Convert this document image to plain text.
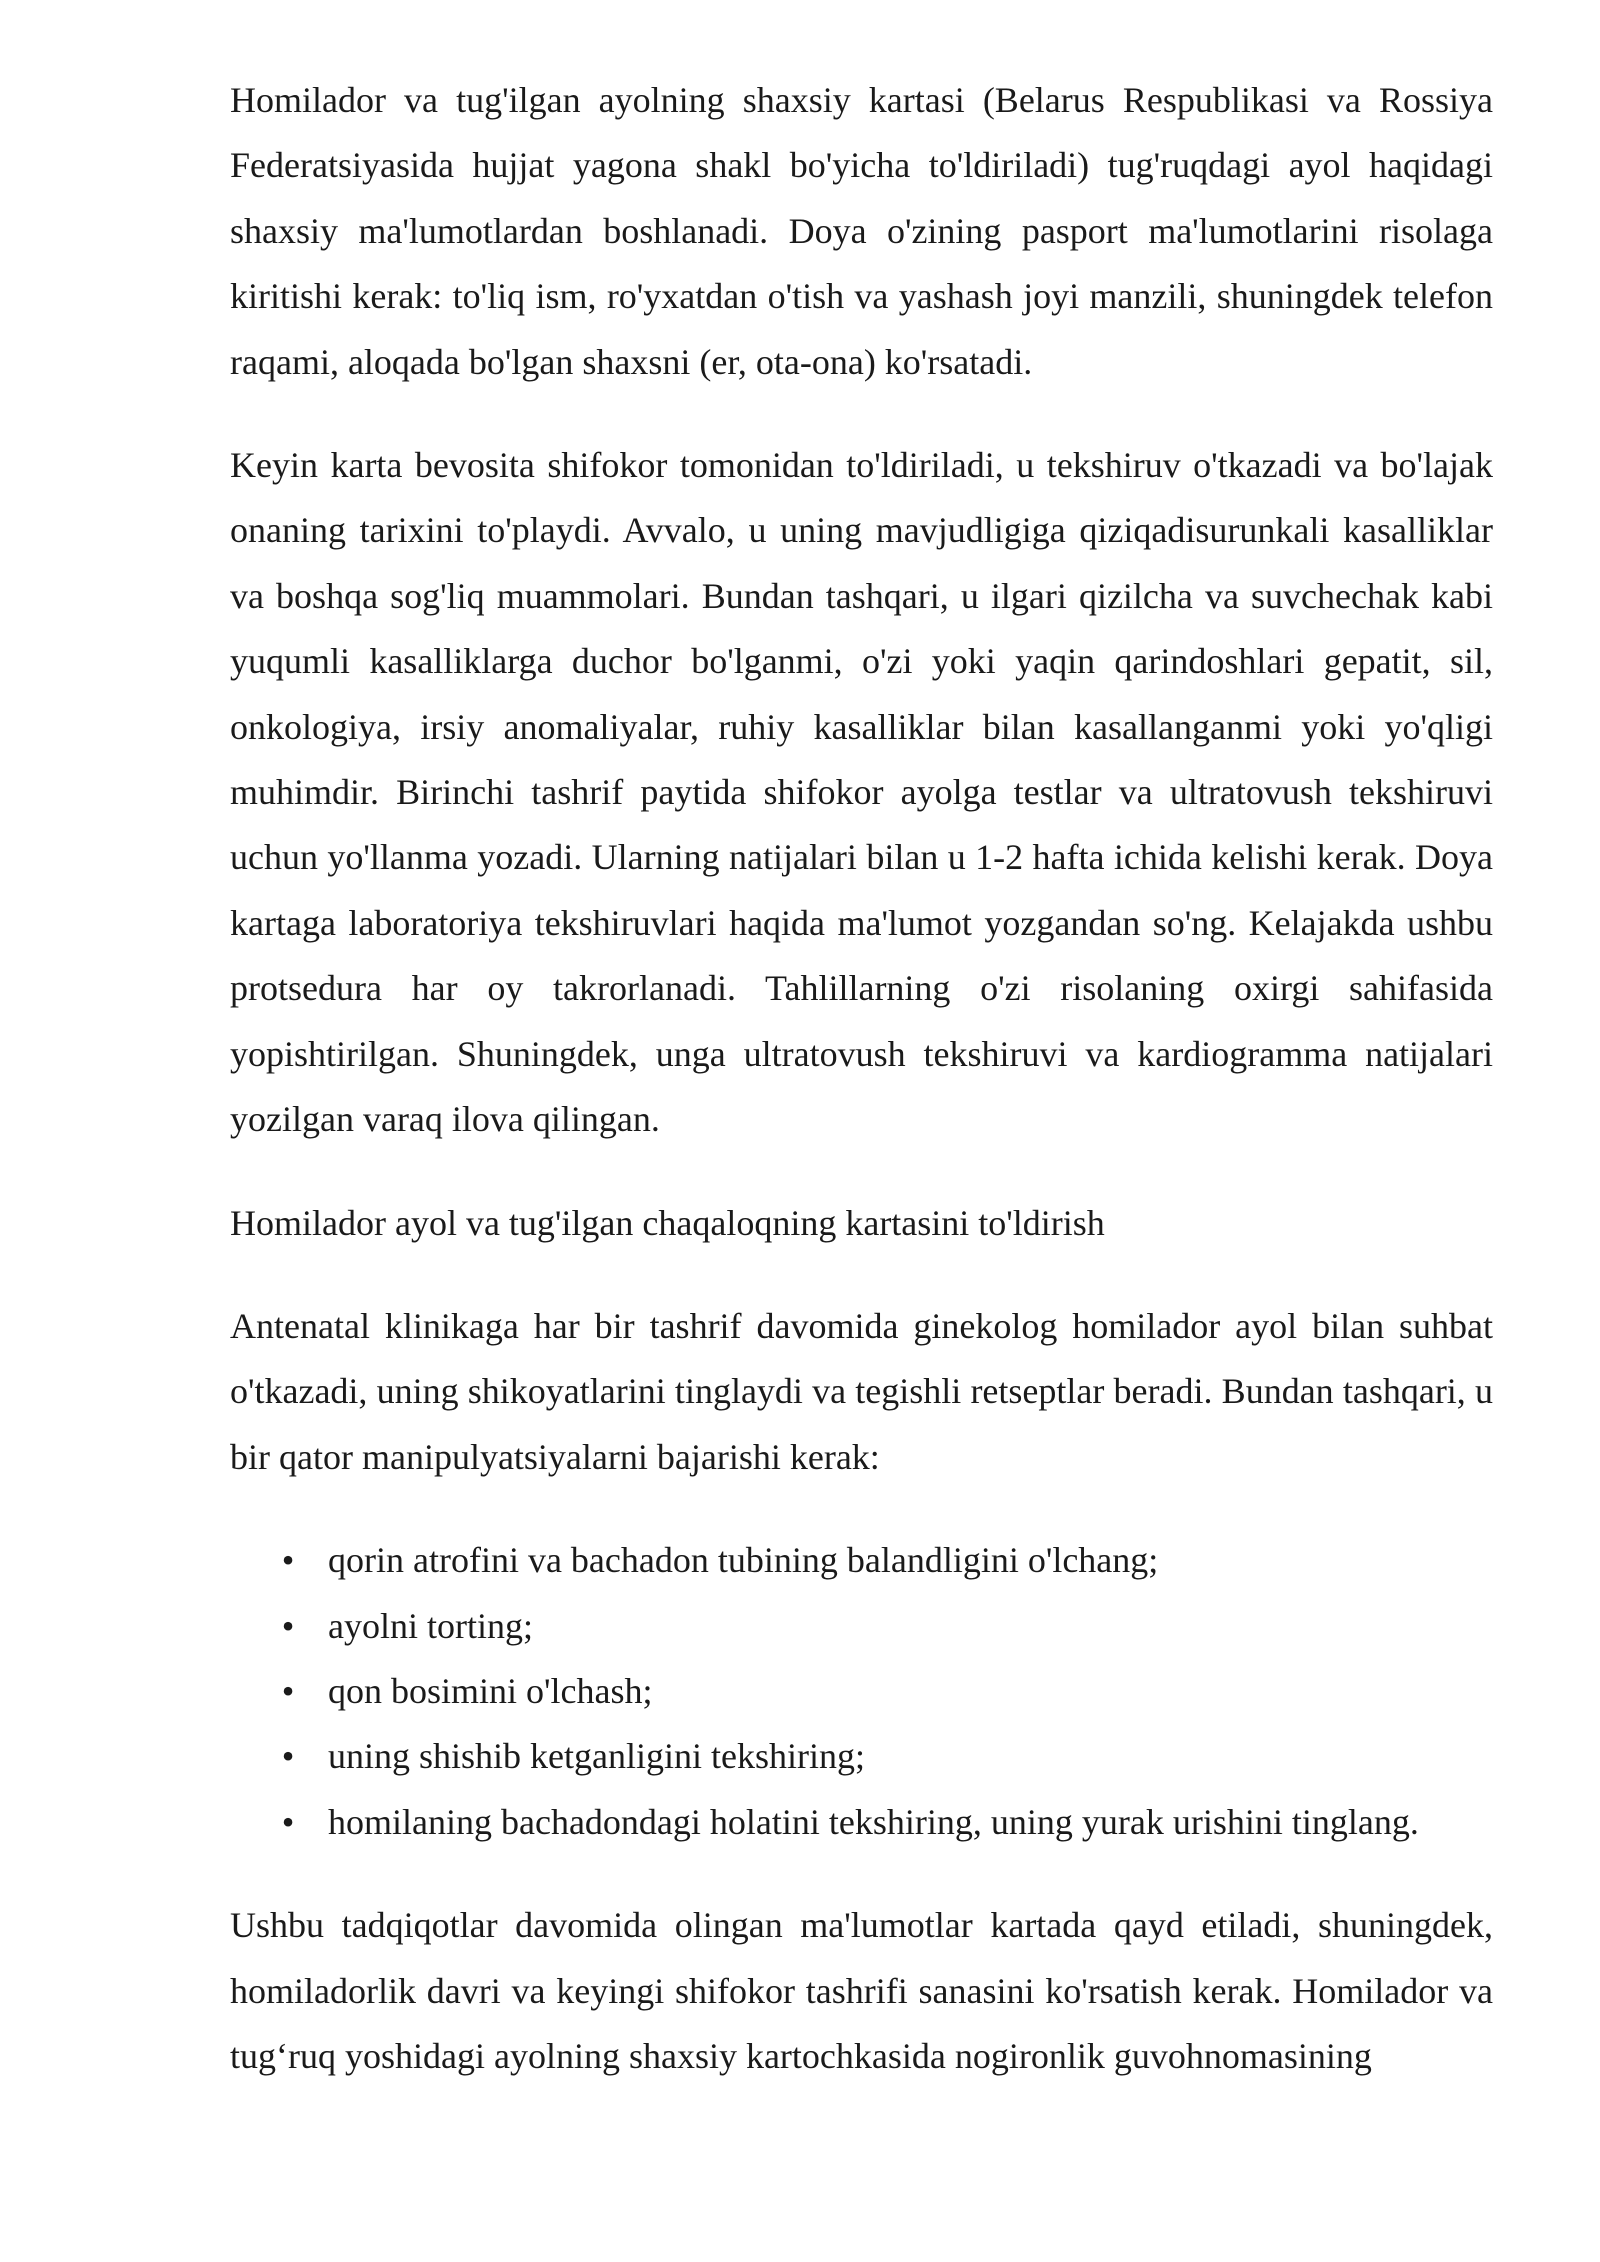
Homilador va tug'ilgan ayolning shaxsiy kartasi (Belarus Respublikasi va Rossiya Federatsiyasida hujjat yagona shakl bo'yicha to'ldiriladi) tug'ruqdagi ayol haqidagi shaxsiy ma'lumotlardan boshlanadi. Doya o'zining pasport ma'lumotlarini risolaga kiritishi kerak: to'liq ism, ro'yxatdan o'tish va yashash joyi manzili, shuningdek telefon raqami, aloqada bo'lgan shaxsni (er, ota-ona) ko'rsatadi.

Keyin karta bevosita shifokor tomonidan to'ldiriladi, u tekshiruv o'tkazadi va bo'lajak onaning tarixini to'playdi. Avvalo, u uning mavjudligiga qiziqadisurunkali kasalliklar va boshqa sog'liq muammolari. Bundan tashqari, u ilgari qizilcha va suvchechak kabi yuqumli kasalliklarga duchor bo'lganmi, o'zi yoki yaqin qarindoshlari gepatit, sil, onkologiya, irsiy anomaliyalar, ruhiy kasalliklar bilan kasallanganmi yoki yo'qligi muhimdir. Birinchi tashrif paytida shifokor ayolga testlar va ultratovush tekshiruvi uchun yo'llanma yozadi. Ularning natijalari bilan u 1-2 hafta ichida kelishi kerak. Doya kartaga laboratoriya tekshiruvlari haqida ma'lumot yozgandan so'ng. Kelajakda ushbu protsedura har oy takrorlanadi. Tahlillarning o'zi risolaning oxirgi sahifasida yopishtirilgan. Shuningdek, unga ultratovush tekshiruvi va kardiogramma natijalari yozilgan varaq ilova qilingan.

Homilador ayol va tug'ilgan chaqaloqning kartasini to'ldirish

Antenatal klinikaga har bir tashrif davomida ginekolog homilador ayol bilan suhbat o'tkazadi, uning shikoyatlarini tinglaydi va tegishli retseptlar beradi. Bundan tashqari, u bir qator manipulyatsiyalarni bajarishi kerak:

• qorin atrofini va bachadon tubining balandligini o'lchang;
• ayolni torting;
• qon bosimini o'lchash;
• uning shishib ketganligini tekshiring;
• homilaning bachadondagi holatini tekshiring, uning yurak urishini tinglang.

Ushbu tadqiqotlar davomida olingan ma'lumotlar kartada qayd etiladi, shuningdek, homiladorlik davri va keyingi shifokor tashrifi sanasini ko'rsatish kerak. Homilador va tug‘ruq yoshidagi ayolning shaxsiy kartochkasida nogironlik guvohnomasining
